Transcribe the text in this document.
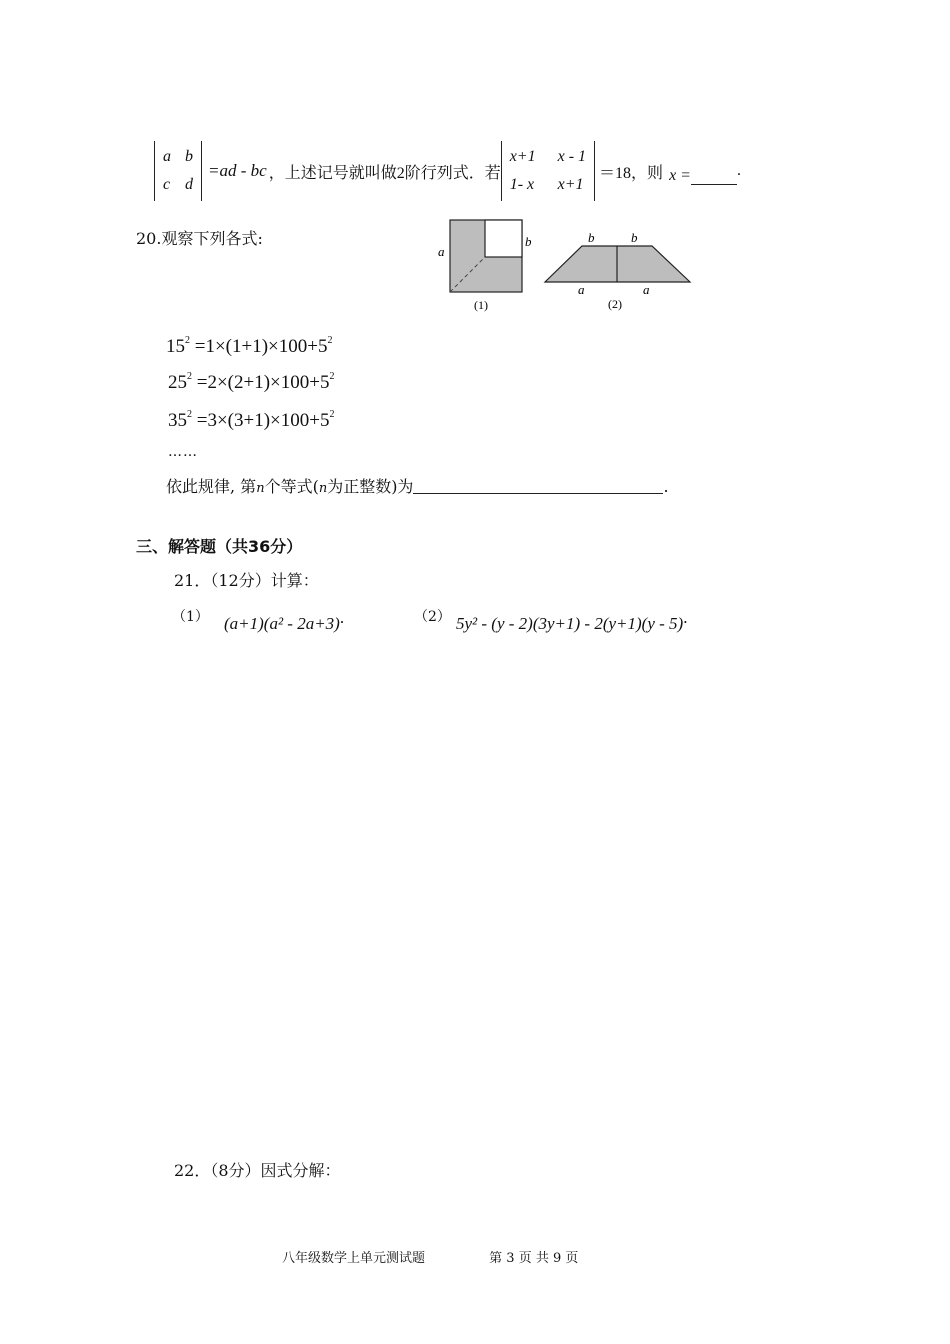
a b
c d
=ad - bc ，上述记号就叫做2阶行列式．若
x+1 x - 1
1- x x+1
＝18，则 x =	.
20.观察下列各式:
a
b
(1)
b	b
a	a
(2)
$15^2 =1\times(1+1)\times 100+5^2$
$25^2 =2\times(2+1)\times 100+5^2$
$35^2 =3\times(3+1)\times 100+5^2$
……
依此规律, 第n个等式(n为正整数)为	.
三、解答题（共36分）
21．（12分）计算：
（1） (a+1)(a² - 2a+3).	（2） 5y² - (y - 2)(3y+1) - 2(y+1)(y - 5).
22．（8分）因式分解：
八年级数学上单元测试题	第 3 页 共 9 页
